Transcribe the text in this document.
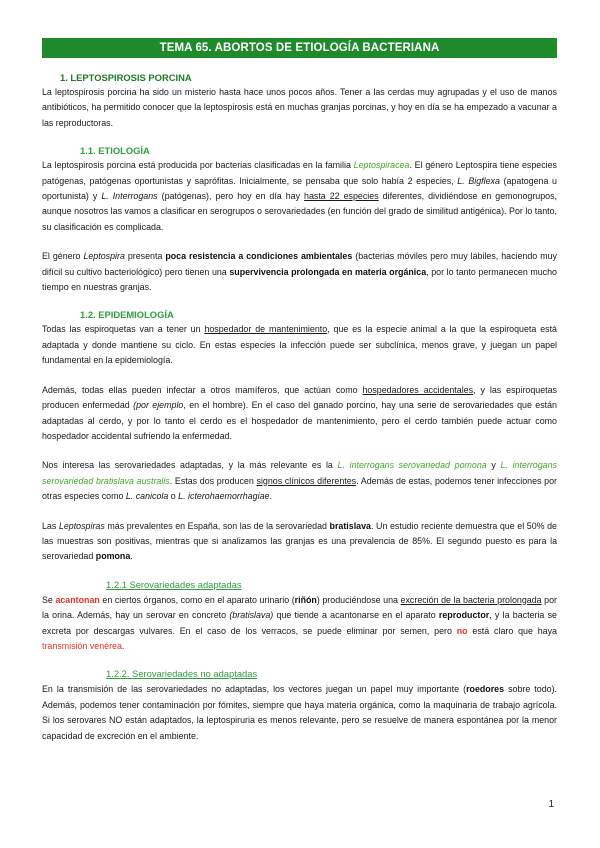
TEMA 65. ABORTOS DE ETIOLOGÍA BACTERIANA
1. LEPTOSPIROSIS PORCINA

La leptospirosis porcina ha sido un misterio hasta hace unos pocos años. Tener a las cerdas muy agrupadas y el uso de manos antibióticos, ha permitido conocer que la leptospirosis está en muchas granjas porcinas, y hoy en día se ha empezado a vacunar a las reproductoras.

1.1. ETIOLOGÍA

La leptospirosis porcina está producida por bacterias clasificadas en la familia Leptospiracea. El género Leptospira tiene especies patógenas, patógenas oportunistas y saprófitas. Inicialmente, se pensaba que solo había 2 especies, L. Bigflexa (apatogena u oportunista) y L. Interrogans (patógenas), pero hoy en día hay hasta 22 especies diferentes, dividiéndose en gemonogrupos, aunque nosotros las vamos a clasificar en serogrupos o serovariedades (en función del grado de similitud antigénica). Por lo tanto, su clasificación es complicada.

El género Leptospira presenta poca resistencia a condiciones ambientales (bacterias móviles pero muy lábiles, haciendo muy difícil su cultivo bacteriológico) pero tienen una supervivencia prolongada en materia orgánica, por lo tanto permanecen mucho tiempo en nuestras granjas.

1.2. EPIDEMIOLOGÍA

Todas las espiroquetas van a tener un hospedador de mantenimiento, que es la especie animal a la que la espiroqueta está adaptada y donde mantiene su ciclo. En estas especies la infección puede ser subclínica, menos grave, y juegan un papel fundamental en la epidemiología.

Además, todas ellas pueden infectar a otros mamíferos, que actúan como hospedadores accidentales, y las espiroquetas producen enfermedad (por ejemplo, en el hombre). En el caso del ganado porcino, hay una serie de serovariedades que están adaptadas al cerdo, y por lo tanto el cerdo es el hospedador de mantenimiento, pero el cerdo también puede actuar como hospedador accidental sufriendo la enfermedad.

Nos interesa las serovariedades adaptadas, y la más relevante es la L. interrogans serovariedad pomona y L. interrogans serovariedad bratislava australis. Estas dos producen signos clínicos diferentes. Además de estas, podemos tener infecciones por otras especies como L. canicola o L. icterohaemorrhagiae.

Las Leptospiras más prevalentes en España, son las de la serovariedad bratislava. Un estudio reciente demuestra que el 50% de las muestras son positivas, mientras que si analizamos las granjas es una prevalencia de 85%. El segundo puesto es para la serovariedad pomona.

1.2.1 Serovariedades adaptadas

Se acantonan en ciertos órganos, como en el aparato urinario (riñón) produciéndose una excreción de la bacteria prolongada por la orina. Además, hay un serovar en concreto (bratislava) que tiende a acantonarse en el aparato reproductor, y la bacteria se excreta por descargas vulvares. En el caso de los verracos, se puede eliminar por semen, pero no está claro que haya transmisión venérea.

1.2.2. Serovariedades no adaptadas

En la transmisión de las serovariedades no adaptadas, los vectores juegan un papel muy importante (roedores sobre todo). Además, podemos tener contaminación por fómites, siempre que haya materia orgánica, como la maquinaria de trabajo agrícola. Si los serovares NO están adaptados, la leptospiruria es menos relevante, pero se resuelve de manera espontánea por la menor capacidad de excreción en el ambiente.

1
